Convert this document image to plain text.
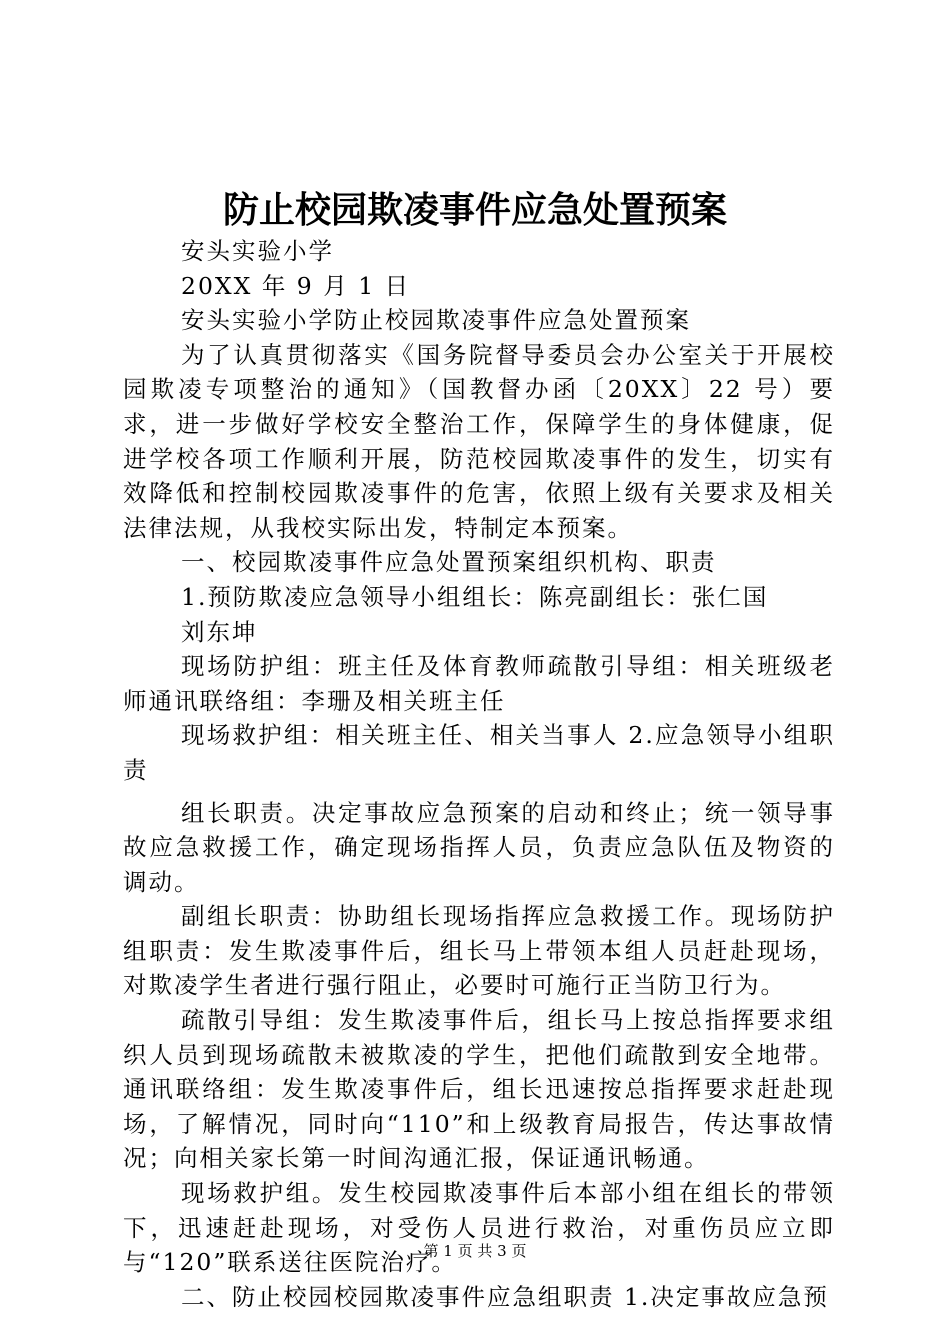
防止校园欺凌事件应急处置预案

安头实验小学

20XX 年 9 月 1 日

安头实验小学防止校园欺凌事件应急处置预案

为了认真贯彻落实《国务院督导委员会办公室关于开展校园欺凌专项整治的通知》（国教督办函〔20XX〕22 号）要求，进一步做好学校安全整治工作，保障学生的身体健康，促进学校各项工作顺利开展，防范校园欺凌事件的发生，切实有效降低和控制校园欺凌事件的危害，依照上级有关要求及相关法律法规，从我校实际出发，特制定本预案。

一、校园欺凌事件应急处置预案组织机构、职责

1.预防欺凌应急领导小组组长：陈亮副组长：张仁国

刘东坤

现场防护组：班主任及体育教师疏散引导组：相关班级老师通讯联络组：李珊及相关班主任

现场救护组：相关班主任、相关当事人 2.应急领导小组职责

组长职责。决定事故应急预案的启动和终止；统一领导事故应急救援工作，确定现场指挥人员，负责应急队伍及物资的调动。

副组长职责：协助组长现场指挥应急救援工作。现场防护组职责：发生欺凌事件后，组长马上带领本组人员赶赴现场，对欺凌学生者进行强行阻止，必要时可施行正当防卫行为。

疏散引导组：发生欺凌事件后，组长马上按总指挥要求组织人员到现场疏散未被欺凌的学生，把他们疏散到安全地带。通讯联络组：发生欺凌事件后，组长迅速按总指挥要求赶赴现场，了解情况，同时向“110”和上级教育局报告，传达事故情况；向相关家长第一时间沟通汇报，保证通讯畅通。

现场救护组。发生校园欺凌事件后本部小组在组长的带领下，迅速赶赴现场，对受伤人员进行救治，对重伤员应立即与“120”联系送往医院治疗。

二、防止校园校园欺凌事件应急组职责 1.决定事故应急预

第 1 页 共 3 页
